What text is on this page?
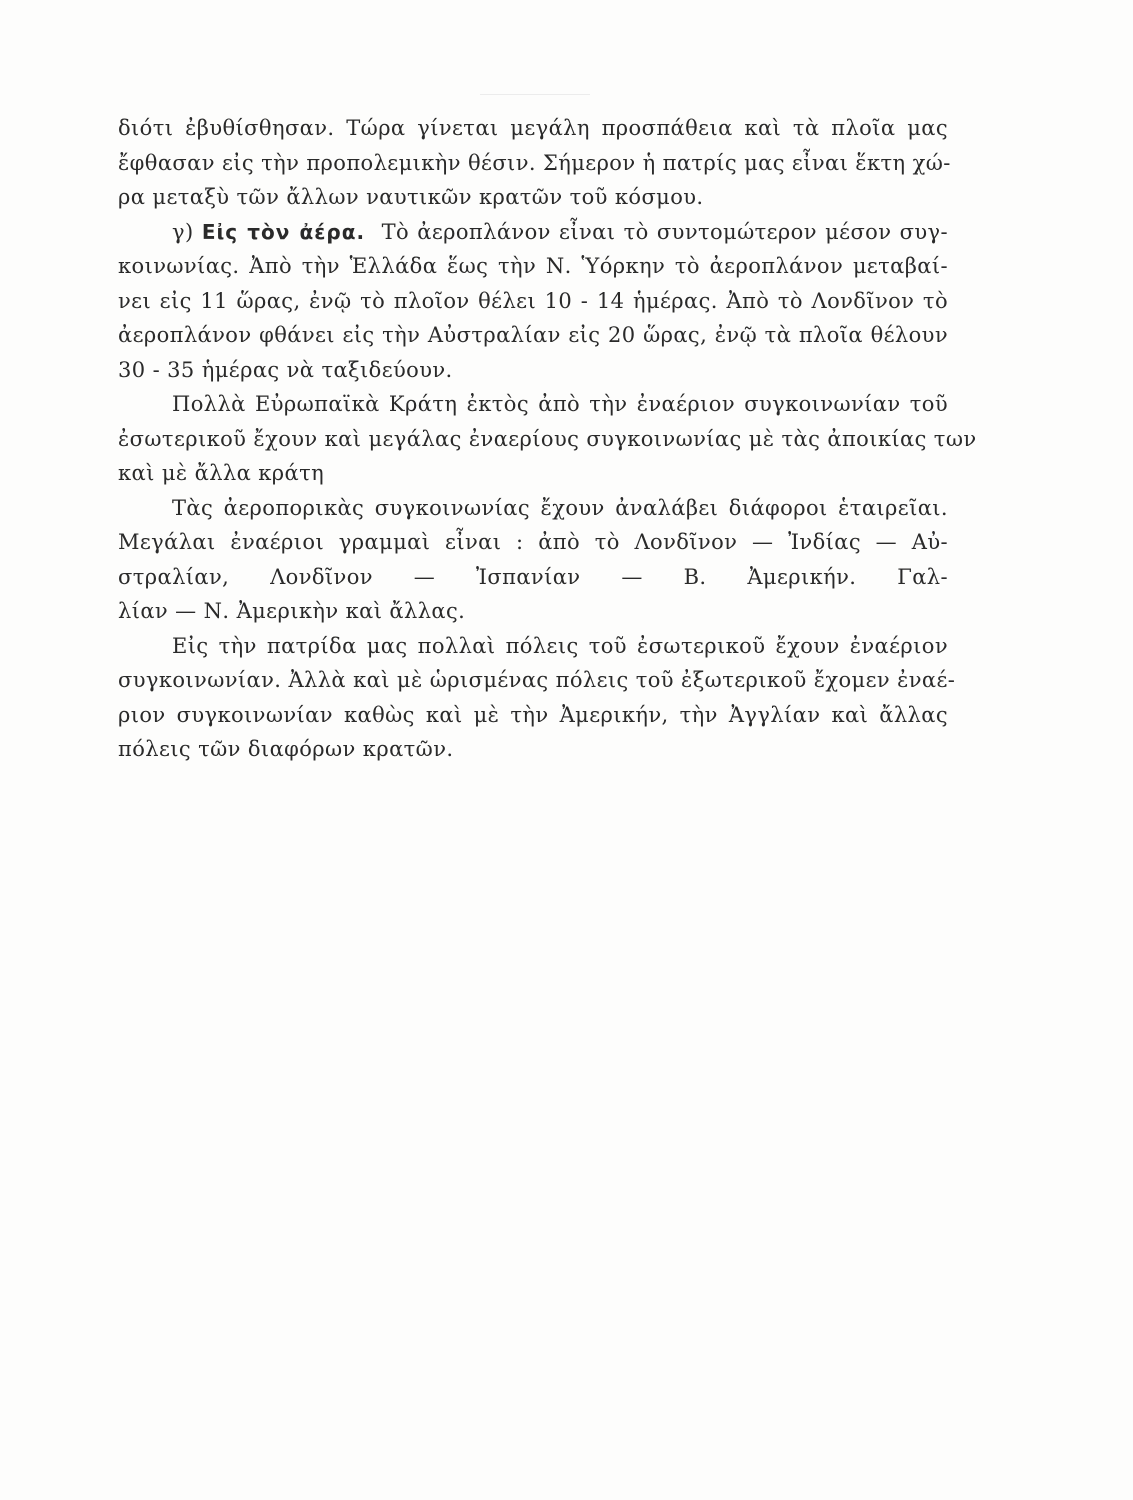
διότι ἐβυθίσθησαν. Τώρα γίνεται μεγάλη προσπάθεια καὶ τὰ πλοῖα μας
ἔφθασαν εἰς τὴν προπολεμικὴν θέσιν. Σήμερον ἡ πατρίς μας εἶναι ἕκτη χώ-
ρα μεταξὺ τῶν ἄλλων ναυτικῶν κρατῶν τοῦ κόσμου.
γ) Εἰς τὸν ἀέρα. Τὸ ἀεροπλάνον εἶναι τὸ συντομώτερον μέσον συγ-
κοινωνίας. Ἀπὸ τὴν Ἑλλάδα ἕως τὴν Ν. Ὑόρκην τὸ ἀεροπλάνον μεταβαί-
νει εἰς 11 ὥρας, ἐνῷ τὸ πλοῖον θέλει 10 - 14 ἡμέρας. Ἀπὸ τὸ Λονδῖνον τὸ
ἀεροπλάνον φθάνει εἰς τὴν Αὐστραλίαν εἰς 20 ὥρας, ἐνῷ τὰ πλοῖα θέλουν
30 - 35 ἡμέρας νὰ ταξιδεύουν.
Πολλὰ Εὐρωπαϊκὰ Κράτη ἐκτὸς ἀπὸ τὴν ἐναέριον συγκοινωνίαν τοῦ
ἐσωτερικοῦ ἔχουν καὶ μεγάλας ἐναερίους συγκοινωνίας μὲ τὰς ἀποικίας των
καὶ μὲ ἄλλα κράτη
Τὰς ἀεροπορικὰς συγκοινωνίας ἔχουν ἀναλάβει διάφοροι ἑταιρεῖαι.
Μεγάλαι ἐναέριοι γραμμαὶ εἶναι : ἀπὸ τὸ Λονδῖνον — Ἰνδίας — Αὐ-
στραλίαν, Λονδῖνον — Ἰσπανίαν — Β. Ἀμερικήν. Γαλ-
λίαν — Ν. Ἀμερικὴν καὶ ἄλλας.
Εἰς τὴν πατρίδα μας πολλαὶ πόλεις τοῦ ἐσωτερικοῦ ἔχουν ἐναέριον
συγκοινωνίαν. Ἀλλὰ καὶ μὲ ὡρισμένας πόλεις τοῦ ἐξωτερικοῦ ἔχομεν ἐναέ-
ριον συγκοινωνίαν καθὼς καὶ μὲ τὴν Ἀμερικήν, τὴν Ἀγγλίαν καὶ ἄλλας
πόλεις τῶν διαφόρων κρατῶν.
